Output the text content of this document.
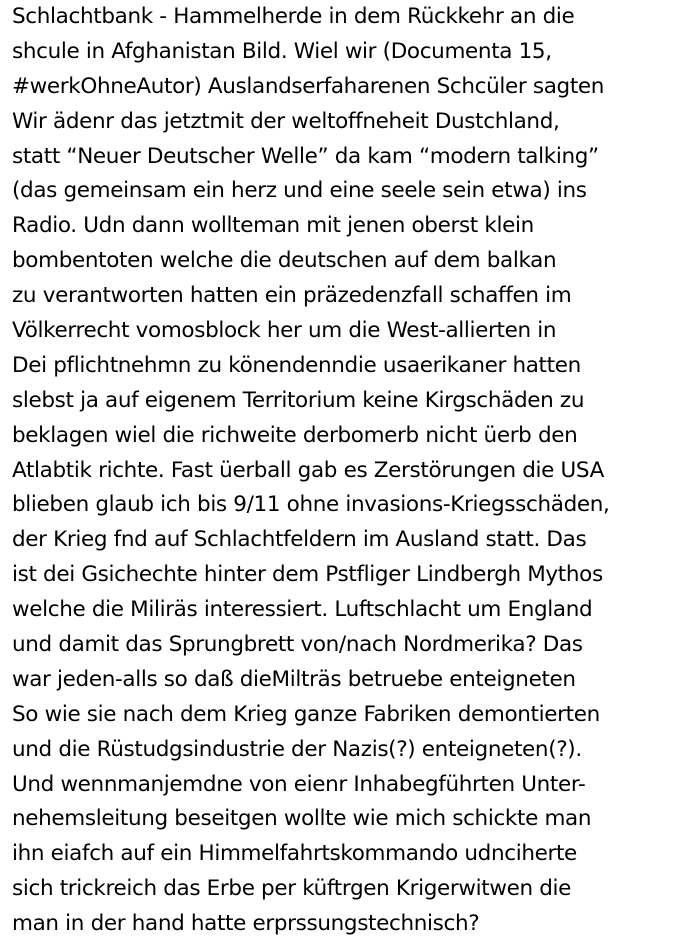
Schlachtbank - Hammelherde in dem Rückkehr an die
shcule in Afghanistan Bild. Wiel wir (Documenta 15,
#werkOhneAutor) Auslandserfaharenen Schcüler sagten
Wir ädenr das jetztmit der weltoffneheit Dustchland,
statt “Neuer Deutscher Welle” da kam “modern talking”
(das gemeinsam ein herz und eine seele sein etwa) ins
Radio. Udn dann wollteman mit jenen oberst klein
bombentoten welche die deutschen auf dem balkan
zu verantworten hatten ein präzedenzfall schaffen im
Völkerrecht vomosblock her um die West-allierten in
Dei pflichtnehmn zu könendenndie usaerikaner hatten
slebst ja auf eigenem Territorium keine Kirgschäden zu
beklagen wiel die richweite derbomerb nicht üerb den
Atlabtik richte. Fast üerball gab es Zerstörungen die USA
blieben glaub ich bis 9/11 ohne invasions-Kriegsschäden,
der Krieg fnd auf Schlachtfeldern im Ausland statt. Das
ist dei Gsichechte hinter dem Pstfliger Lindbergh Mythos
welche die Miliräs interessiert. Luftschlacht um England
und damit das Sprungbrett von/nach Nordmerika? Das
war jeden-alls so daß dieMilträs betruebe enteigneten
So wie sie nach dem Krieg ganze Fabriken demontierten
und die Rüstudgsindustrie der Nazis(?) enteigneten(?).
Und wennmanjemdne von eienr Inhabegführten Unter-
nehemsleitung beseitgen wollte wie mich schickte man
ihn eiafch auf ein Himmelfahrtskommando udnciherte
sich trickreich das Erbe per küftrgen Krigerwitwen die
man in der hand hatte erprssungstechnisch?
